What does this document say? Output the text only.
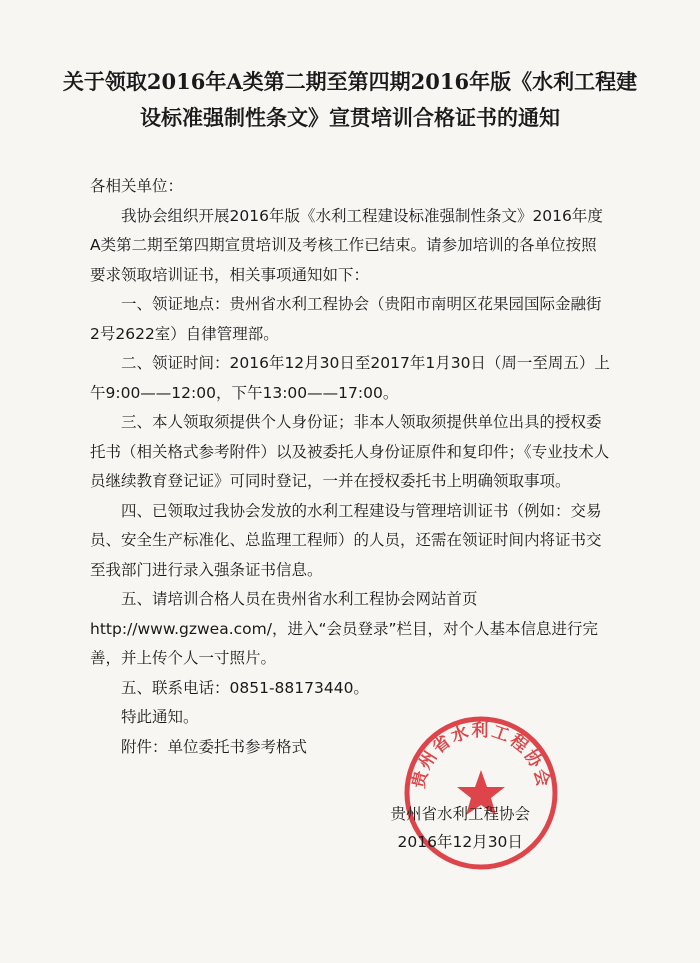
关于领取2016年A类第二期至第四期2016年版《水利工程建设标准强制性条文》宣贯培训合格证书的通知

各相关单位：

我协会组织开展2016年版《水利工程建设标准强制性条文》2016年度A类第二期至第四期宣贯培训及考核工作已结束。请参加培训的各单位按照要求领取培训证书，相关事项通知如下：

一、领证地点：贵州省水利工程协会（贵阳市南明区花果园国际金融街2号2622室）自律管理部。

二、领证时间：2016年12月30日至2017年1月30日（周一至周五）上午9:00——12:00，下午13:00——17:00。

三、本人领取须提供个人身份证；非本人领取须提供单位出具的授权委托书（相关格式参考附件）以及被委托人身份证原件和复印件；《专业技术人员继续教育登记证》可同时登记，一并在授权委托书上明确领取事项。

四、已领取过我协会发放的水利工程建设与管理培训证书（例如：交易员、安全生产标准化、总监理工程师）的人员，还需在领证时间内将证书交至我部门进行录入强条证书信息。

五、请培训合格人员在贵州省水利工程协会网站首页http://www.gzwea.com/，进入“会员登录”栏目，对个人基本信息进行完善，并上传个人一寸照片。

五、联系电话：0851-88173440。

特此通知。

附件：单位委托书参考格式

贵州省水利工程协会
贵州省水利工程协会
2016年12月30日
